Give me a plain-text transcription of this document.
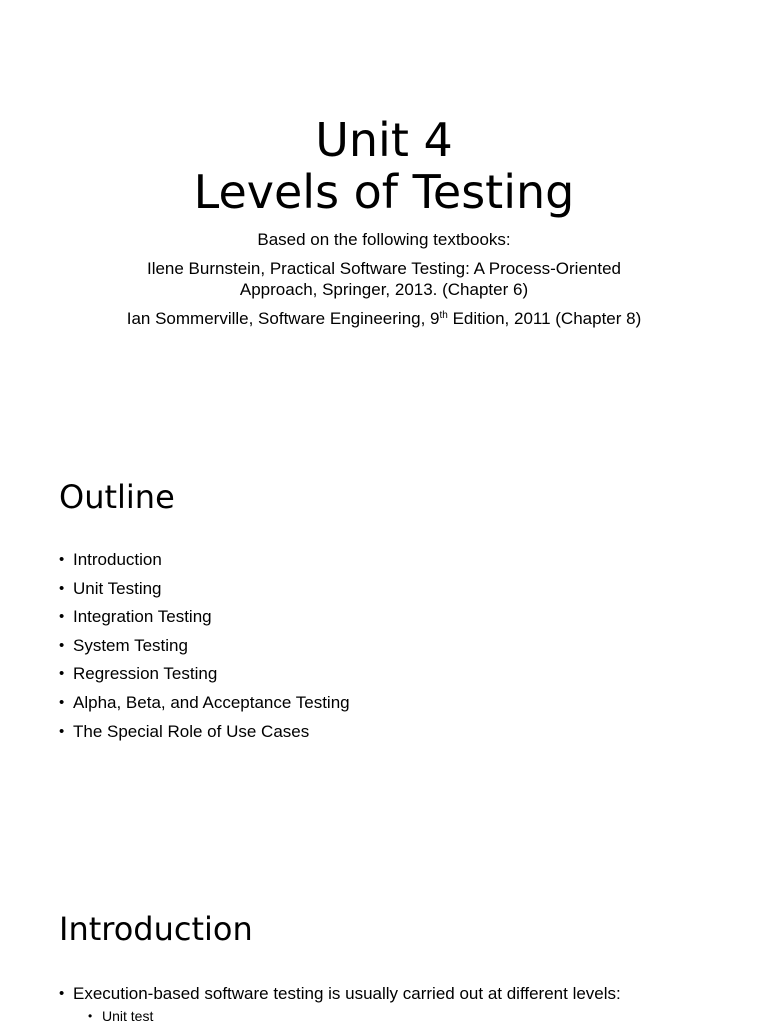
Unit 4
Levels of Testing
Based on the following textbooks:
Ilene Burnstein, Practical Software Testing: A Process-Oriented
Approach, Springer, 2013. (Chapter 6)
Ian Sommerville, Software Engineering, 9th Edition, 2011 (Chapter 8)
Outline
• Introduction
• Unit Testing
• Integration Testing
• System Testing
• Regression Testing
• Alpha, Beta, and Acceptance Testing
• The Special Role of Use Cases
Introduction
• Execution-based software testing is usually carried out at different levels:
• Unit test
